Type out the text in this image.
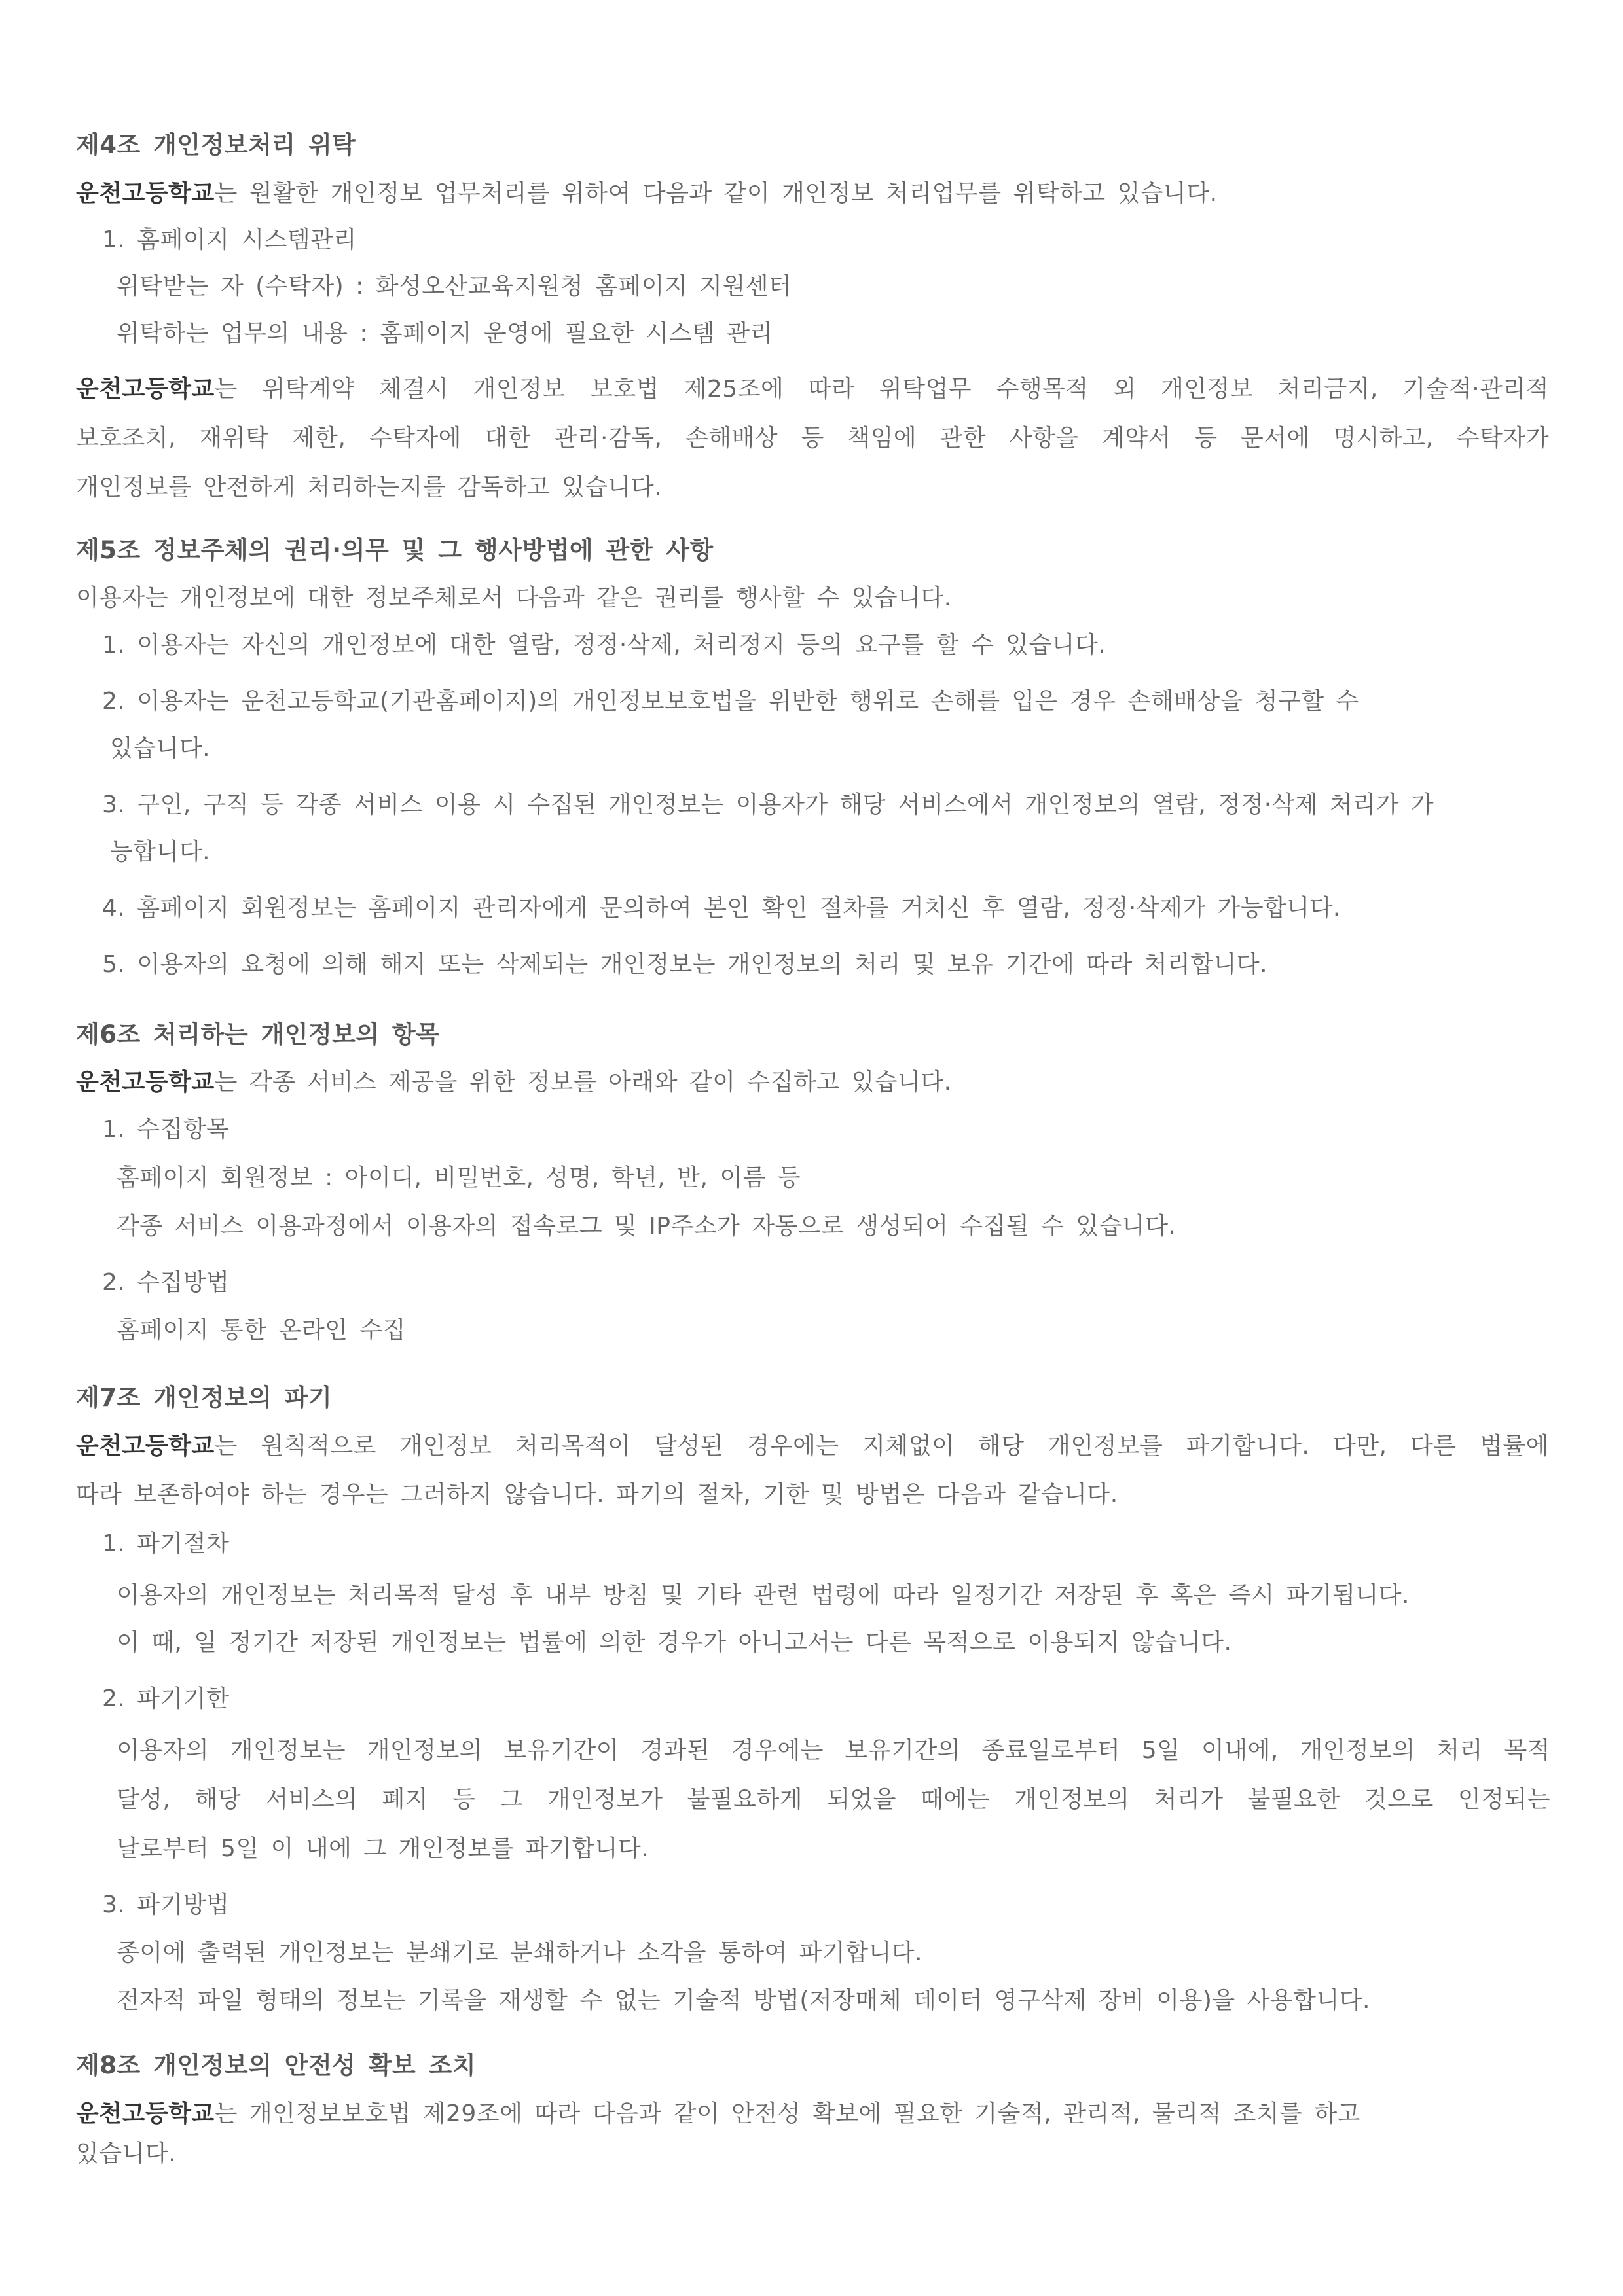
제4조 개인정보처리 위탁
운천고등학교는 원활한 개인정보 업무처리를 위하여 다음과 같이 개인정보 처리업무를 위탁하고 있습니다.
1. 홈페이지 시스템관리
위탁받는 자 (수탁자) : 화성오산교육지원청 홈페이지 지원센터
위탁하는 업무의 내용 : 홈페이지 운영에 필요한 시스템 관리
운천고등학교는 위탁계약 체결시 개인정보 보호법 제25조에 따라 위탁업무 수행목적 외 개인정보 처리금지, 기술적·관리적
보호조치, 재위탁 제한, 수탁자에 대한 관리·감독, 손해배상 등 책임에 관한 사항을 계약서 등 문서에 명시하고, 수탁자가
개인정보를 안전하게 처리하는지를 감독하고 있습니다.
제5조 정보주체의 권리·의무 및 그 행사방법에 관한 사항
이용자는 개인정보에 대한 정보주체로서 다음과 같은 권리를 행사할 수 있습니다.
1. 이용자는 자신의 개인정보에 대한 열람, 정정·삭제, 처리정지 등의 요구를 할 수 있습니다.
2. 이용자는 운천고등학교(기관홈페이지)의 개인정보보호법을 위반한 행위로 손해를 입은 경우 손해배상을 청구할 수
있습니다.
3. 구인, 구직 등 각종 서비스 이용 시 수집된 개인정보는 이용자가 해당 서비스에서 개인정보의 열람, 정정·삭제 처리가 가
능합니다.
4. 홈페이지 회원정보는 홈페이지 관리자에게 문의하여 본인 확인 절차를 거치신 후 열람, 정정·삭제가 가능합니다.
5. 이용자의 요청에 의해 해지 또는 삭제되는 개인정보는 개인정보의 처리 및 보유 기간에 따라 처리합니다.
제6조 처리하는 개인정보의 항목
운천고등학교는 각종 서비스 제공을 위한 정보를 아래와 같이 수집하고 있습니다.
1. 수집항목
홈페이지 회원정보 : 아이디, 비밀번호, 성명, 학년, 반, 이름 등
각종 서비스 이용과정에서 이용자의 접속로그 및 IP주소가 자동으로 생성되어 수집될 수 있습니다.
2. 수집방법
홈페이지 통한 온라인 수집
제7조 개인정보의 파기
운천고등학교는 원칙적으로 개인정보 처리목적이 달성된 경우에는 지체없이 해당 개인정보를 파기합니다. 다만, 다른 법률에
따라 보존하여야 하는 경우는 그러하지 않습니다. 파기의 절차, 기한 및 방법은 다음과 같습니다.
1. 파기절차
이용자의 개인정보는 처리목적 달성 후 내부 방침 및 기타 관련 법령에 따라 일정기간 저장된 후 혹은 즉시 파기됩니다.
이 때, 일 정기간 저장된 개인정보는 법률에 의한 경우가 아니고서는 다른 목적으로 이용되지 않습니다.
2. 파기기한
이용자의 개인정보는 개인정보의 보유기간이 경과된 경우에는 보유기간의 종료일로부터 5일 이내에, 개인정보의 처리 목적
달성, 해당 서비스의 폐지 등 그 개인정보가 불필요하게 되었을 때에는 개인정보의 처리가 불필요한 것으로 인정되는
날로부터 5일 이 내에 그 개인정보를 파기합니다.
3. 파기방법
종이에 출력된 개인정보는 분쇄기로 분쇄하거나 소각을 통하여 파기합니다.
전자적 파일 형태의 정보는 기록을 재생할 수 없는 기술적 방법(저장매체 데이터 영구삭제 장비 이용)을 사용합니다.
제8조 개인정보의 안전성 확보 조치
운천고등학교는 개인정보보호법 제29조에 따라 다음과 같이 안전성 확보에 필요한 기술적, 관리적, 물리적 조치를 하고
있습니다.
